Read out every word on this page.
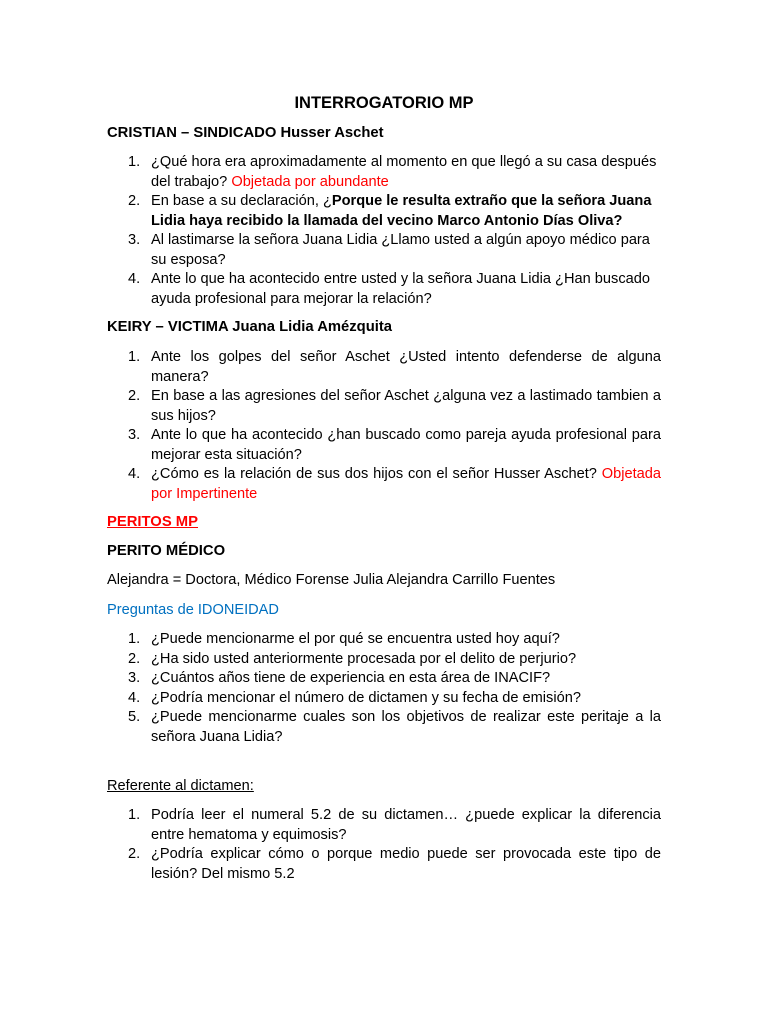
INTERROGATORIO MP
CRISTIAN – SINDICADO Husser Aschet
1. ¿Qué hora era aproximadamente al momento en que llegó a su casa después del trabajo? Objetada por abundante
2. En base a su declaración, ¿Porque le resulta extraño que la señora Juana Lidia haya recibido la llamada del vecino Marco Antonio Días Oliva?
3. Al lastimarse la señora Juana Lidia ¿Llamo usted a algún apoyo médico para su esposa?
4. Ante lo que ha acontecido entre usted y la señora Juana Lidia ¿Han buscado ayuda profesional para mejorar la relación?
KEIRY – VICTIMA Juana Lidia Amézquita
1. Ante los golpes del señor Aschet ¿Usted intento defenderse de alguna manera?
2. En base a las agresiones del señor Aschet ¿alguna vez a lastimado tambien a sus hijos?
3. Ante lo que ha acontecido ¿han buscado como pareja ayuda profesional para mejorar esta situación?
4. ¿Cómo es la relación de sus dos hijos con el señor Husser Aschet? Objetada por Impertinente
PERITOS MP
PERITO MÉDICO
Alejandra = Doctora, Médico Forense Julia Alejandra Carrillo Fuentes
Preguntas de IDONEIDAD
1. ¿Puede mencionarme el por qué se encuentra usted hoy aquí?
2. ¿Ha sido usted anteriormente procesada por el delito de perjurio?
3. ¿Cuántos años tiene de experiencia en esta área de INACIF?
4. ¿Podría mencionar el número de dictamen y su fecha de emisión?
5. ¿Puede mencionarme cuales son los objetivos de realizar este peritaje a la señora Juana Lidia?
Referente al dictamen:
1. Podría leer el numeral 5.2 de su dictamen… ¿puede explicar la diferencia entre hematoma y equimosis?
2. ¿Podría explicar cómo o porque medio puede ser provocada este tipo de lesión? Del mismo 5.2
